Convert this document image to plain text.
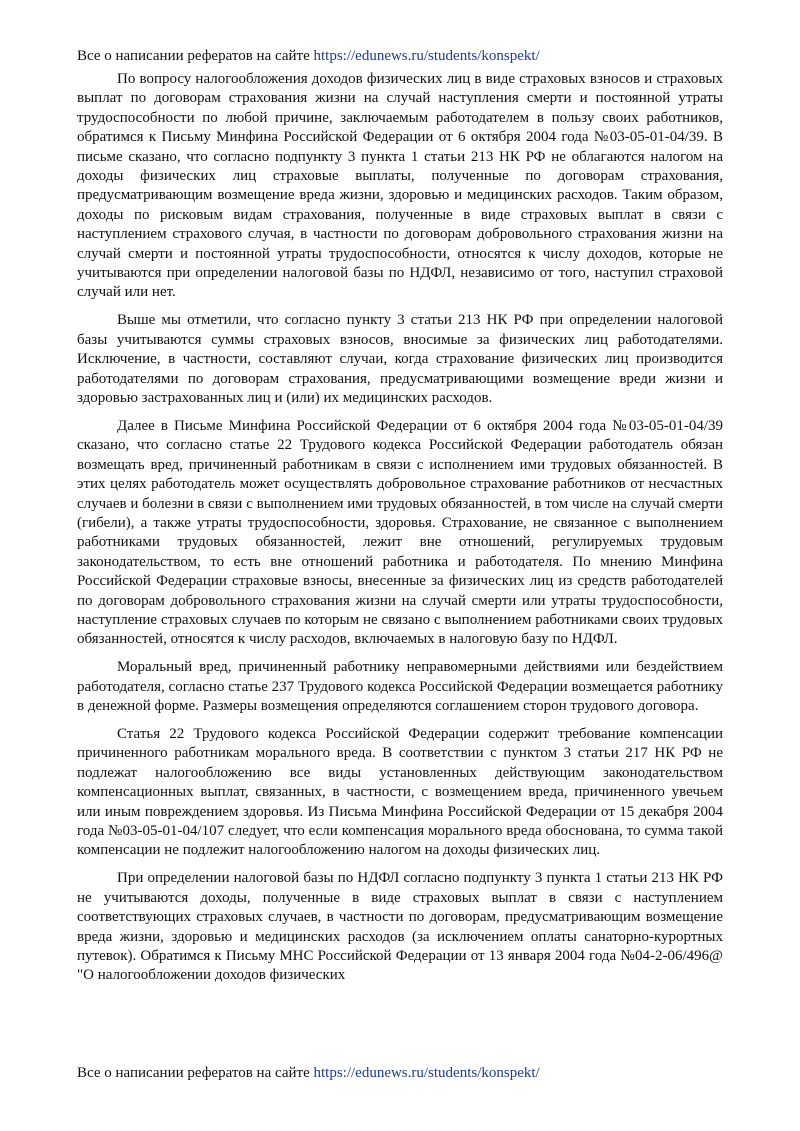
Все о написании рефератов на сайте https://edunews.ru/students/konspekt/

По вопросу налогообложения доходов физических лиц в виде страховых взносов и страховых выплат по договорам страхования жизни на случай наступления смерти и постоянной утраты трудоспособности по любой причине, заключаемым работодателем в пользу своих работников, обратимся к Письму Минфина Российской Федерации от 6 октября 2004 года №03-05-01-04/39. В письме сказано, что согласно подпункту 3 пункта 1 статьи 213 НК РФ не облагаются налогом на доходы физических лиц страховые выплаты, полученные по договорам страхования, предусматривающим возмещение вреда жизни, здоровью и медицинских расходов. Таким образом, доходы по рисковым видам страхования, полученные в виде страховых выплат в связи с наступлением страхового случая, в частности по договорам добровольного страхования жизни на случай смерти и постоянной утраты трудоспособности, относятся к числу доходов, которые не учитываются при определении налоговой базы по НДФЛ, независимо от того, наступил страховой случай или нет.

Выше мы отметили, что согласно пункту 3 статьи 213 НК РФ при определении налоговой базы учитываются суммы страховых взносов, вносимые за физических лиц работодателями. Исключение, в частности, составляют случаи, когда страхование физических лиц производится работодателями по договорам страхования, предусматривающими возмещение вреди жизни и здоровью застрахованных лиц и (или) их медицинских расходов.

Далее в Письме Минфина Российской Федерации от 6 октября 2004 года №03-05-01-04/39 сказано, что согласно статье 22 Трудового кодекса Российской Федерации работодатель обязан возмещать вред, причиненный работникам в связи с исполнением ими трудовых обязанностей. В этих целях работодатель может осуществлять добровольное страхование работников от несчастных случаев и болезни в связи с выполнением ими трудовых обязанностей, в том числе на случай смерти (гибели), а также утраты трудоспособности, здоровья. Страхование, не связанное с выполнением работниками трудовых обязанностей, лежит вне отношений, регулируемых трудовым законодательством, то есть вне отношений работника и работодателя. По мнению Минфина Российской Федерации страховые взносы, внесенные за физических лиц из средств работодателей по договорам добровольного страхования жизни на случай смерти или утраты трудоспособности, наступление страховых случаев по которым не связано с выполнением работниками своих трудовых обязанностей, относятся к числу расходов, включаемых в налоговую базу по НДФЛ.

Моральный вред, причиненный работнику неправомерными действиями или бездействием работодателя, согласно статье 237 Трудового кодекса Российской Федерации возмещается работнику в денежной форме. Размеры возмещения определяются соглашением сторон трудового договора.

Статья 22 Трудового кодекса Российской Федерации содержит требование компенсации причиненного работникам морального вреда. В соответствии с пунктом 3 статьи 217 НК РФ не подлежат налогообложению все виды установленных действующим законодательством компенсационных выплат, связанных, в частности, с возмещением вреда, причиненного увечьем или иным повреждением здоровья. Из Письма Минфина Российской Федерации от 15 декабря 2004 года №03-05-01-04/107 следует, что если компенсация морального вреда обоснована, то сумма такой компенсации не подлежит налогообложению налогом на доходы физических лиц.

При определении налоговой базы по НДФЛ согласно подпункту 3 пункта 1 статьи 213 НК РФ не учитываются доходы, полученные в виде страховых выплат в связи с наступлением соответствующих страховых случаев, в частности по договорам, предусматривающим возмещение вреда жизни, здоровью и медицинских расходов (за исключением оплаты санаторно-курортных путевок). Обратимся к Письму МНС Российской Федерации от 13 января 2004 года №04-2-06/496@ "О налогообложении доходов физических

Все о написании рефератов на сайте https://edunews.ru/students/konspekt/
